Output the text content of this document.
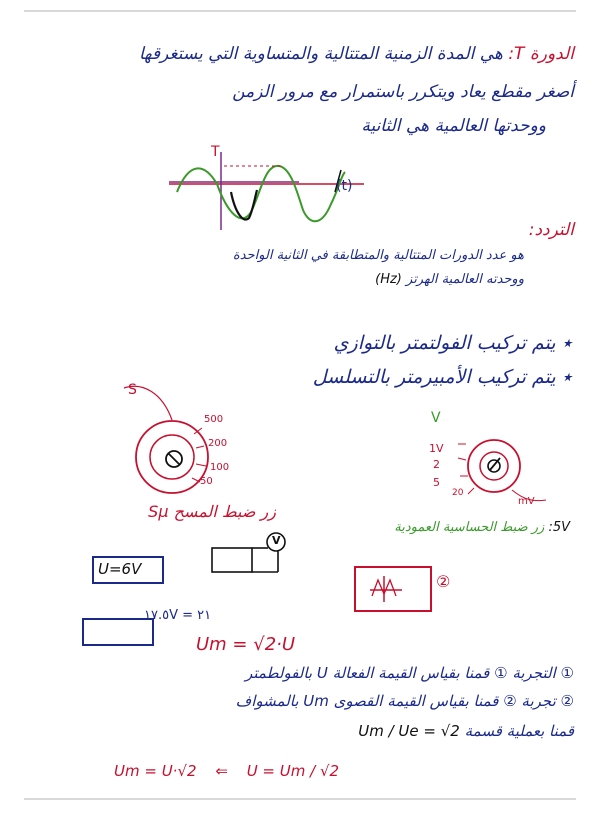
الدورة T: هي المدة الزمنية المتتالية والمتساوية التي يستغرقها
أصغر مقطع يعاد ويتكرر باستمرار مع مرور الزمن
ووحدتها العالمية هي الثانية
T
(t)
التردد:
هو عدد الدورات المتتالية والمتطابقة في الثانية الواحدة
ووحدته العالمية الهرتز (Hz)
٭ يتم تركيب الفولتمتر بالتوازي
٭ يتم تركيب الأمبيرمتر بالتسلسل
S
500
200
100
50
V
1V
2
5
20
mV
زر ضبط المسح Sµ
5V: زر ضبط الحساسية العمودية
U=6V
V
②
١٧.٥V = ٢١
Um = √2·U
① التجربة ① قمنا بقياس القيمة الفعالة U بالفولطمتر
② تجربة ② قمنا بقياس القيمة القصوى Um بالمشواف
قمنا بعملية قسمة Um / Ue = √2
Um = U·√2 ⇐ U = Um / √2
